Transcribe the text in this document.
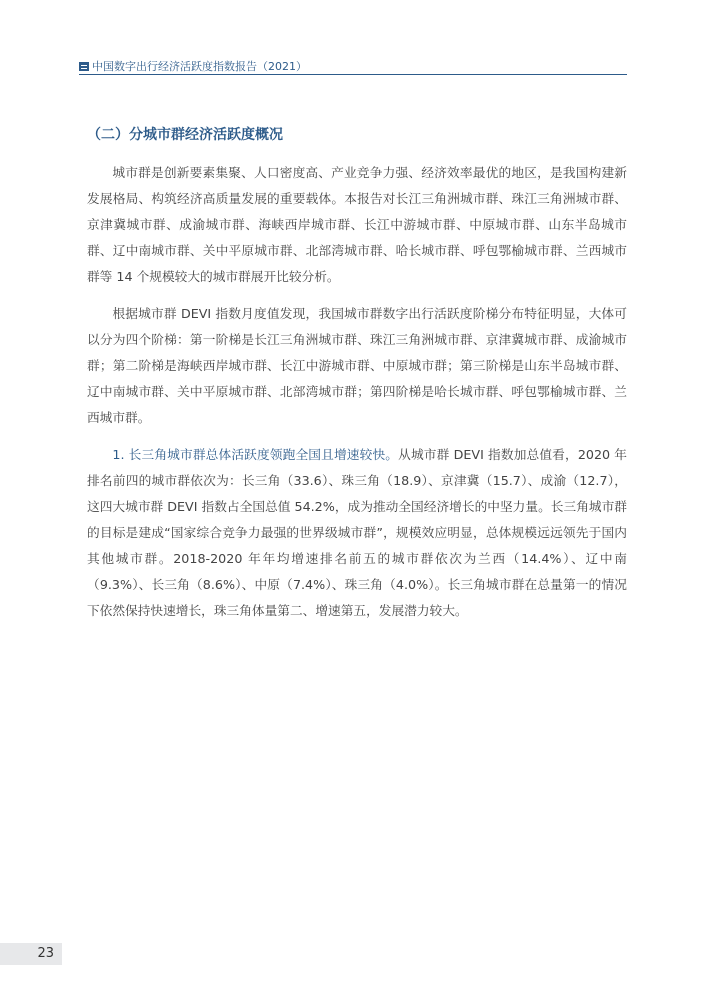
中国数字出行经济活跃度指数报告（2021）
（二）分城市群经济活跃度概况

城市群是创新要素集聚、人口密度高、产业竞争力强、经济效率最优的地区，是我国构建新发展格局、构筑经济高质量发展的重要载体。本报告对长江三角洲城市群、珠江三角洲城市群、京津冀城市群、成渝城市群、海峡西岸城市群、长江中游城市群、中原城市群、山东半岛城市群、辽中南城市群、关中平原城市群、北部湾城市群、哈长城市群、呼包鄂榆城市群、兰西城市群等 14 个规模较大的城市群展开比较分析。

根据城市群 DEVI 指数月度值发现，我国城市群数字出行活跃度阶梯分布特征明显，大体可以分为四个阶梯：第一阶梯是长江三角洲城市群、珠江三角洲城市群、京津冀城市群、成渝城市群；第二阶梯是海峡西岸城市群、长江中游城市群、中原城市群；第三阶梯是山东半岛城市群、辽中南城市群、关中平原城市群、北部湾城市群；第四阶梯是哈长城市群、呼包鄂榆城市群、兰西城市群。

1. 长三角城市群总体活跃度领跑全国且增速较快。从城市群 DEVI 指数加总值看，2020 年排名前四的城市群依次为：长三角（33.6）、珠三角（18.9）、京津冀（15.7）、成渝（12.7），这四大城市群 DEVI 指数占全国总值 54.2%，成为推动全国经济增长的中坚力量。长三角城市群的目标是建成“国家综合竞争力最强的世界级城市群”，规模效应明显，总体规模远远领先于国内其他城市群。2018-2020 年年均增速排名前五的城市群依次为兰西（14.4%）、辽中南（9.3%）、长三角（8.6%）、中原（7.4%）、珠三角（4.0%）。长三角城市群在总量第一的情况下依然保持快速增长，珠三角体量第二、增速第五，发展潜力较大。

23
